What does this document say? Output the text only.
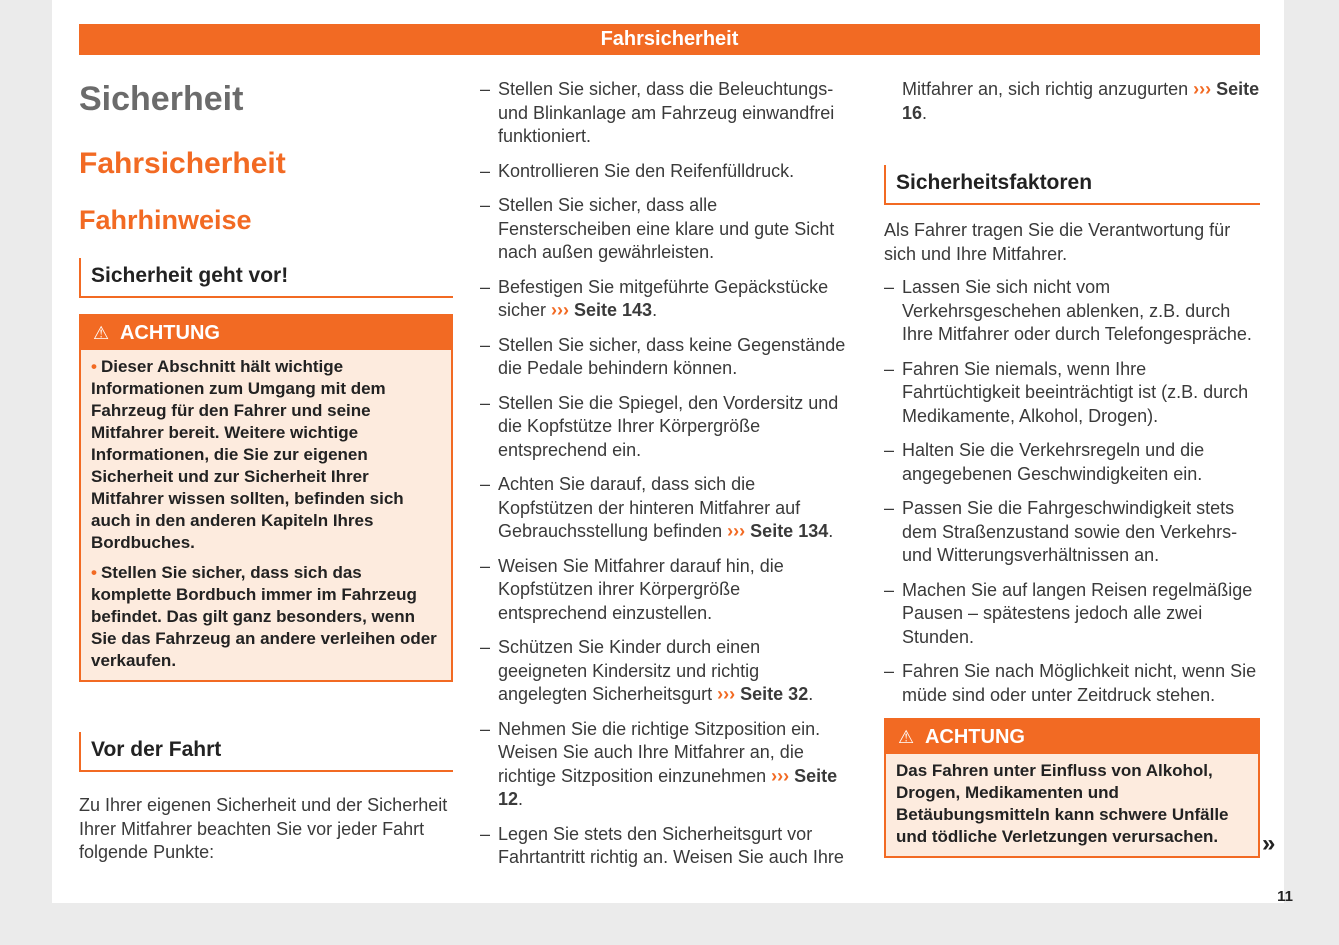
Fahrsicherheit
Sicherheit
Fahrsicherheit
Fahrhinweise
Sicherheit geht vor!
⚠ ACHTUNG
• Dieser Abschnitt hält wichtige Informationen zum Umgang mit dem Fahrzeug für den Fahrer und seine Mitfahrer bereit. Weitere wichtige Informationen, die Sie zur eigenen Sicherheit und zur Sicherheit Ihrer Mitfahrer wissen sollten, befinden sich auch in den anderen Kapiteln Ihres Bordbuches.
• Stellen Sie sicher, dass sich das komplette Bordbuch immer im Fahrzeug befindet. Das gilt ganz besonders, wenn Sie das Fahrzeug an andere verleihen oder verkaufen.
Vor der Fahrt

Zu Ihrer eigenen Sicherheit und der Sicherheit Ihrer Mitfahrer beachten Sie vor jeder Fahrt folgende Punkte:

– Stellen Sie sicher, dass die Beleuchtungs- und Blinkanlage am Fahrzeug einwandfrei funktioniert.
– Kontrollieren Sie den Reifenfülldruck.
– Stellen Sie sicher, dass alle Fensterscheiben eine klare und gute Sicht nach außen gewährleisten.
– Befestigen Sie mitgeführte Gepäckstücke sicher ››› Seite 143.
– Stellen Sie sicher, dass keine Gegenstände die Pedale behindern können.
– Stellen Sie die Spiegel, den Vordersitz und die Kopfstütze Ihrer Körpergröße entsprechend ein.
– Achten Sie darauf, dass sich die Kopfstützen der hinteren Mitfahrer auf Gebrauchsstellung befinden ››› Seite 134.
– Weisen Sie Mitfahrer darauf hin, die Kopfstützen ihrer Körpergröße entsprechend einzustellen.
– Schützen Sie Kinder durch einen geeigneten Kindersitz und richtig angelegten Sicherheitsgurt ››› Seite 32.
– Nehmen Sie die richtige Sitzposition ein. Weisen Sie auch Ihre Mitfahrer an, die richtige Sitzposition einzunehmen ››› Seite 12.
– Legen Sie stets den Sicherheitsgurt vor Fahrtantritt richtig an. Weisen Sie auch Ihre

Mitfahrer an, sich richtig anzugurten ››› Seite 16.

Sicherheitsfaktoren

Als Fahrer tragen Sie die Verantwortung für sich und Ihre Mitfahrer.

– Lassen Sie sich nicht vom Verkehrsgeschehen ablenken, z.B. durch Ihre Mitfahrer oder durch Telefongespräche.
– Fahren Sie niemals, wenn Ihre Fahrtüchtigkeit beeinträchtigt ist (z.B. durch Medikamente, Alkohol, Drogen).
– Halten Sie die Verkehrsregeln und die angegebenen Geschwindigkeiten ein.
– Passen Sie die Fahrgeschwindigkeit stets dem Straßenzustand sowie den Verkehrs- und Witterungsverhältnissen an.
– Machen Sie auf langen Reisen regelmäßige Pausen – spätestens jedoch alle zwei Stunden.
– Fahren Sie nach Möglichkeit nicht, wenn Sie müde sind oder unter Zeitdruck stehen.
⚠ ACHTUNG
Das Fahren unter Einfluss von Alkohol, Drogen, Medikamenten und Betäubungsmitteln kann schwere Unfälle und tödliche Verletzungen verursachen.	»
11
